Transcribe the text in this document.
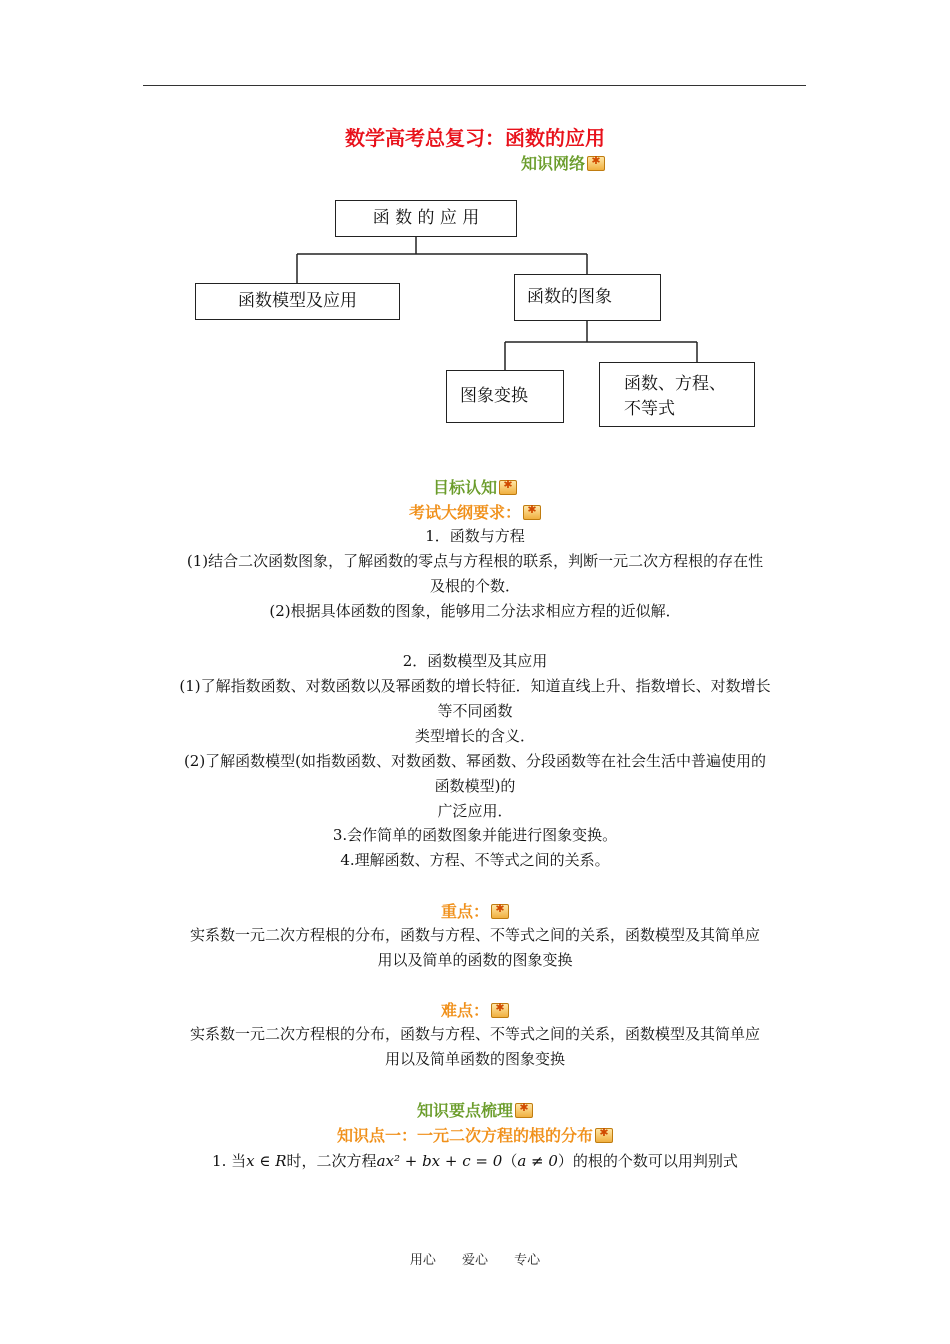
数学高考总复习：函数的应用
知识网络✱
函 数 的 应 用
函数模型及应用	函数的图象
图象变换
函数、方程、
不等式
目标认知✱
考试大纲要求：✱
1．函数与方程
(1)结合二次函数图象，了解函数的零点与方程根的联系，判断一元二次方程根的存在性
及根的个数．
(2)根据具体函数的图象，能够用二分法求相应方程的近似解．
2．函数模型及其应用
(1)了解指数函数、对数函数以及幂函数的增长特征．知道直线上升、指数增长、对数增长
等不同函数
类型增长的含义．
(2)了解函数模型(如指数函数、对数函数、幂函数、分段函数等在社会生活中普遍使用的
函数模型)的
广泛应用．
3.会作简单的函数图象并能进行图象变换。
4.理解函数、方程、不等式之间的关系。
重点：✱
实系数一元二次方程根的分布，函数与方程、不等式之间的关系，函数模型及其简单应
用以及简单的函数的图象变换
难点：✱
实系数一元二次方程根的分布，函数与方程、不等式之间的关系，函数模型及其简单应
用以及简单函数的图象变换
知识要点梳理✱
知识点一：一元二次方程的根的分布✱
1. 当x ∈ R时，二次方程ax² + bx + c = 0（a ≠ 0）的根的个数可以用判别式
用心 爱心 专心
